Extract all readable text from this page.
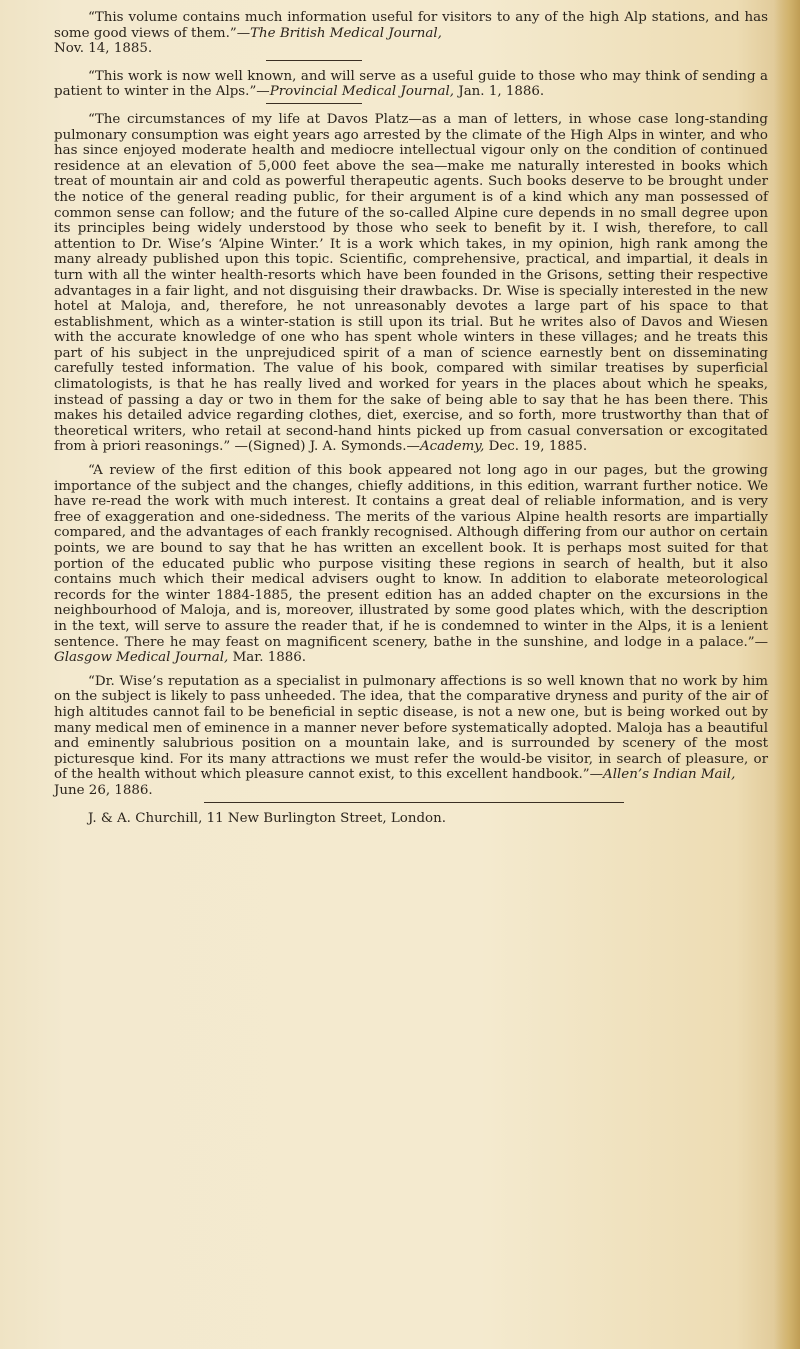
“This volume contains much information useful for visitors to any of the high Alp stations, and has some good views of them.”—The British Medical Journal,
Nov. 14, 1885.

“This work is now well known, and will serve as a useful guide to those who may think of sending a patient to winter in the Alps.”—Provincial Medical Journal, Jan. 1, 1886.

“The circumstances of my life at Davos Platz—as a man of letters, in whose case long-standing pulmonary consumption was eight years ago arrested by the climate of the High Alps in winter, and who has since enjoyed moderate health and mediocre intellectual vigour only on the condition of continued residence at an elevation of 5,000 feet above the sea—make me naturally interested in books which treat of mountain air and cold as powerful therapeutic agents. Such books deserve to be brought under the notice of the general reading public, for their argument is of a kind which any man possessed of common sense can follow; and the future of the so-called Alpine cure depends in no small degree upon its principles being widely understood by those who seek to benefit by it. I wish, therefore, to call attention to Dr. Wise’s ‘Alpine Winter.’ It is a work which takes, in my opinion, high rank among the many already published upon this topic. Scientific, comprehensive, practical, and impartial, it deals in turn with all the winter health-resorts which have been founded in the Grisons, setting their respective advantages in a fair light, and not disguising their drawbacks. Dr. Wise is specially interested in the new hotel at Maloja, and, therefore, he not unreasonably devotes a large part of his space to that establishment, which as a winter-station is still upon its trial. But he writes also of Davos and Wiesen with the accurate knowledge of one who has spent whole winters in these villages; and he treats this part of his subject in the unprejudiced spirit of a man of science earnestly bent on disseminating carefully tested information. The value of his book, compared with similar treatises by superficial climatologists, is that he has really lived and worked for years in the places about which he speaks, instead of passing a day or two in them for the sake of being able to say that he has been there. This makes his detailed advice regarding clothes, diet, exercise, and so forth, more trustworthy than that of theoretical writers, who retail at second-hand hints picked up from casual conversation or excogitated from à priori reasonings.” —(Signed) J. A. Symonds.—Academy, Dec. 19, 1885.

“A review of the first edition of this book appeared not long ago in our pages, but the growing importance of the subject and the changes, chiefly additions, in this edition, warrant further notice. We have re-read the work with much interest. It contains a great deal of reliable information, and is very free of exaggeration and one-sidedness. The merits of the various Alpine health resorts are impartially compared, and the advantages of each frankly recognised. Although differing from our author on certain points, we are bound to say that he has written an excellent book. It is perhaps most suited for that portion of the educated public who purpose visiting these regions in search of health, but it also contains much which their medical advisers ought to know. In addition to elaborate meteorological records for the winter 1884-1885, the present edition has an added chapter on the excursions in the neighbourhood of Maloja, and is, moreover, illustrated by some good plates which, with the description in the text, will serve to assure the reader that, if he is condemned to winter in the Alps, it is a lenient sentence. There he may feast on magnificent scenery, bathe in the sunshine, and lodge in a palace.”—Glasgow Medical Journal, Mar. 1886.

“Dr. Wise’s reputation as a specialist in pulmonary affections is so well known that no work by him on the subject is likely to pass unheeded. The idea, that the comparative dryness and purity of the air of high altitudes cannot fail to be beneficial in septic disease, is not a new one, but is being worked out by many medical men of eminence in a manner never before systematically adopted. Maloja has a beautiful and eminently salubrious position on a mountain lake, and is surrounded by scenery of the most picturesque kind. For its many attractions we must refer the would-be visitor, in search of pleasure, or of the health without which pleasure cannot exist, to this excellent handbook.”—Allen’s Indian Mail,
June 26, 1886.

J. & A. Churchill, 11 New Burlington Street, London.
